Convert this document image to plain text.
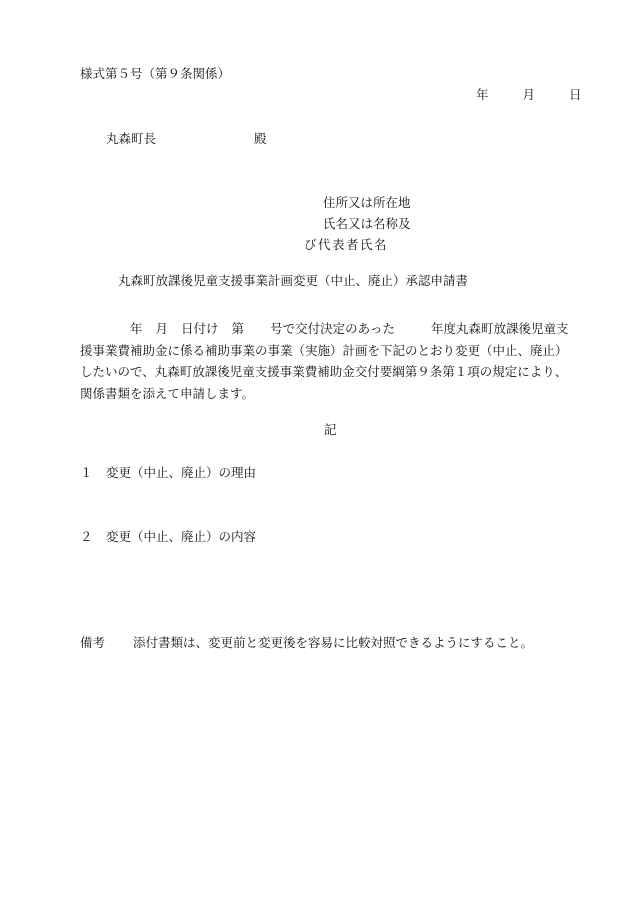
様式第５号（第９条関係）
年	月	日
丸森町長	殿
住所又は所在地
氏名又は名称及
び代表者氏名
丸森町放課後児童支援事業計画変更（中止、廃止）承認申請書
年 月 日付け 第 号で交付決定のあった	年度丸森町放課後児童支援事業費補助金に係る補助事業の事業（実施）計画を下記のとおり変更（中止、廃止）したいので、丸森町放課後児童支援事業費補助金交付要綱第９条第１項の規定により、関係書類を添えて申請します。
記
１ 変更（中止、廃止）の理由
２ 変更（中止、廃止）の内容
備考 添付書類は、変更前と変更後を容易に比較対照できるようにすること。
